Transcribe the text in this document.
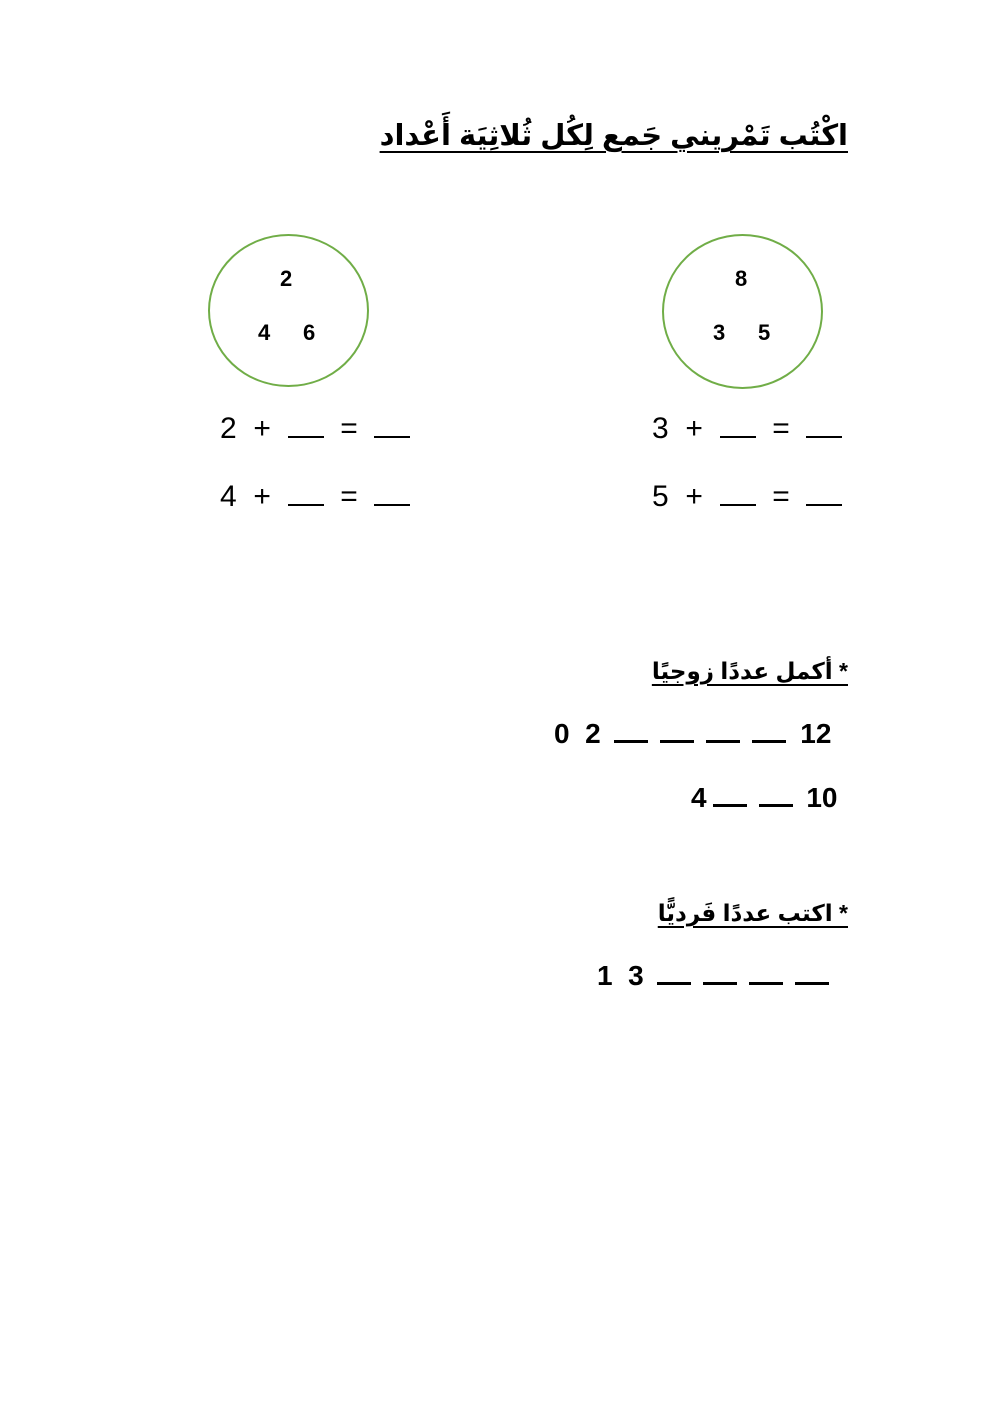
اكْتُب تَمْريني جَمع لِكُل ثُلاثِيَة أَعْداد
2
4 6
8
3 5
2 + =
4 + =
3 + =
5 + =
* أكمل عددًا زوجيًا
0  2	12
4	10
* اكتب عددًا فَرديًّا
1  3
